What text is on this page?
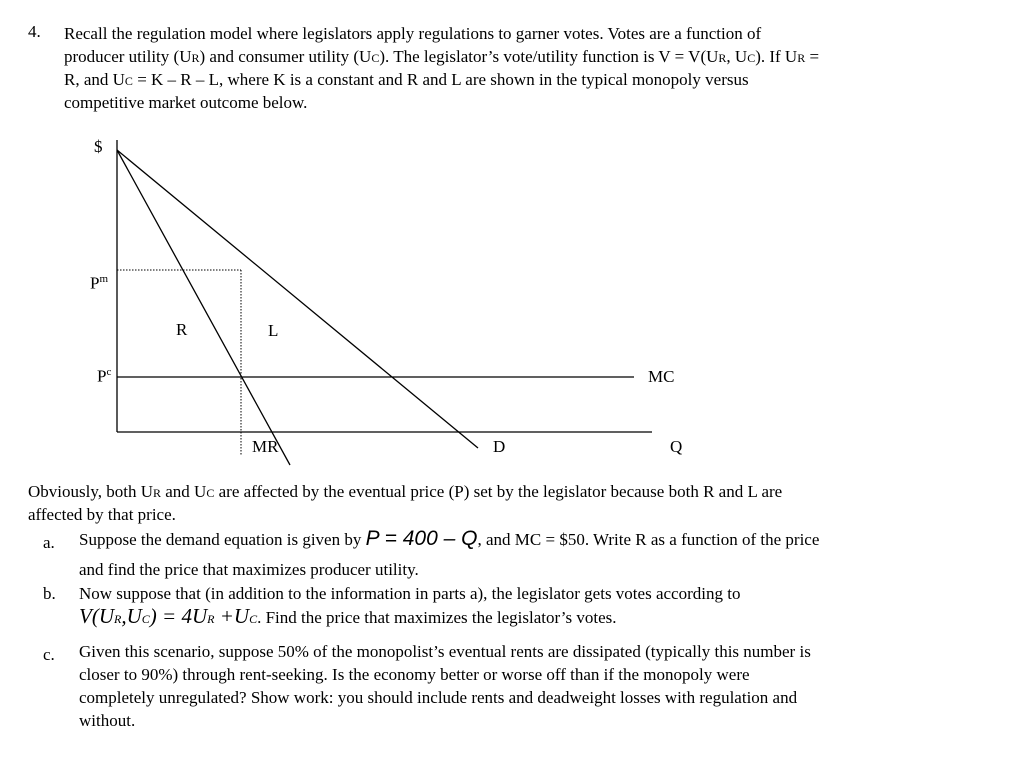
4. Recall the regulation model where legislators apply regulations to garner votes. Votes are a function of
producer utility (UR) and consumer utility (UC). The legislator’s vote/utility function is V = V(UR, UC). If UR =
R, and UC = K – R – L, where K is a constant and R and L are shown in the typical monopoly versus
competitive market outcome below.
$
$P^m$
$P^c$
R	L
MC
MR	D	Q
Obviously, both UR and UC are affected by the eventual price (P) set by the legislator because both R and L are
affected by that price.
a. Suppose the demand equation is given by P = 400 – Q, and MC = $50. Write R as a function of the price
and find the price that maximizes producer utility.
b. Now suppose that (in addition to the information in parts a), the legislator gets votes according to
V(UR,UC) = 4UR +UC. Find the price that maximizes the legislator’s votes.
c. Given this scenario, suppose 50% of the monopolist’s eventual rents are dissipated (typically this number is
closer to 90%) through rent-seeking. Is the economy better or worse off than if the monopoly were
completely unregulated? Show work: you should include rents and deadweight losses with regulation and
without.
